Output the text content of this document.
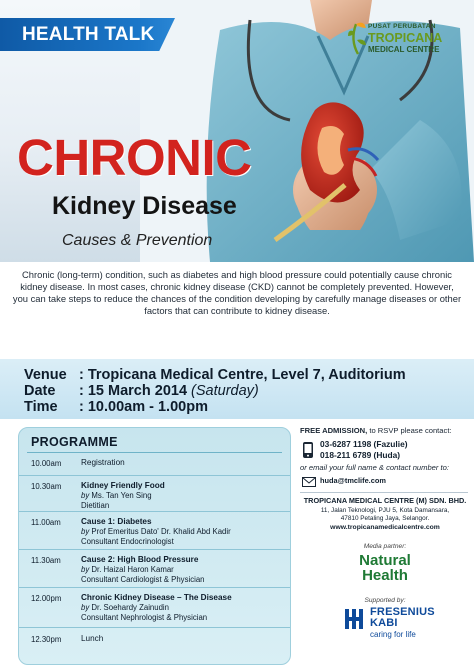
HEALTH TALK	PUSAT PERUBATAN
TROPICANA
MEDICAL CENTRE
CHRONIC
Kidney Disease
Causes & Prevention

Chronic (long-term) condition, such as diabetes and high blood pressure could potentially cause chronic kidney disease. In most cases, chronic kidney disease (CKD) cannot be completely prevented. However, you can take steps to reduce the chances of the condition developing by carefully manage diseases or other factors that can contribute to kidney disease.

Venue : Tropicana Medical Centre, Level 7, Auditorium
Date : 15 March 2014 (Saturday)
Time : 10.00am - 1.00pm
PROGRAMME
10.00am Registration
10.30am Kidney Friendly Food
by Ms. Tan Yen Sing
Dietitian
11.00am Cause 1: Diabetes
by Prof Emeritus Dato' Dr. Khalid Abd Kadir
Consultant Endocrinologist
11.30am Cause 2: High Blood Pressure
by Dr. Haizal Haron Kamar
Consultant Cardiologist & Physician
12.00pm Chronic Kidney Disease – The Disease
by Dr. Soehardy Zainudin
Consultant Nephrologist & Physician
12.30pm Lunch
FREE ADMISSION, to RSVP please contact:
03-6287 1198 (Fazulie)
018-211 6789 (Huda)
or email your full name & contact number to:
huda@tmclife.com
TROPICANA MEDICAL CENTRE (M) SDN. BHD.
11, Jalan Teknologi, PJU 5, Kota Damansara,
47810 Petaling Jaya, Selangor.
www.tropicanamedicalcentre.com
Media partner:
Natural
Health
Supported by:
FRESENIUS
KABI
caring for life
